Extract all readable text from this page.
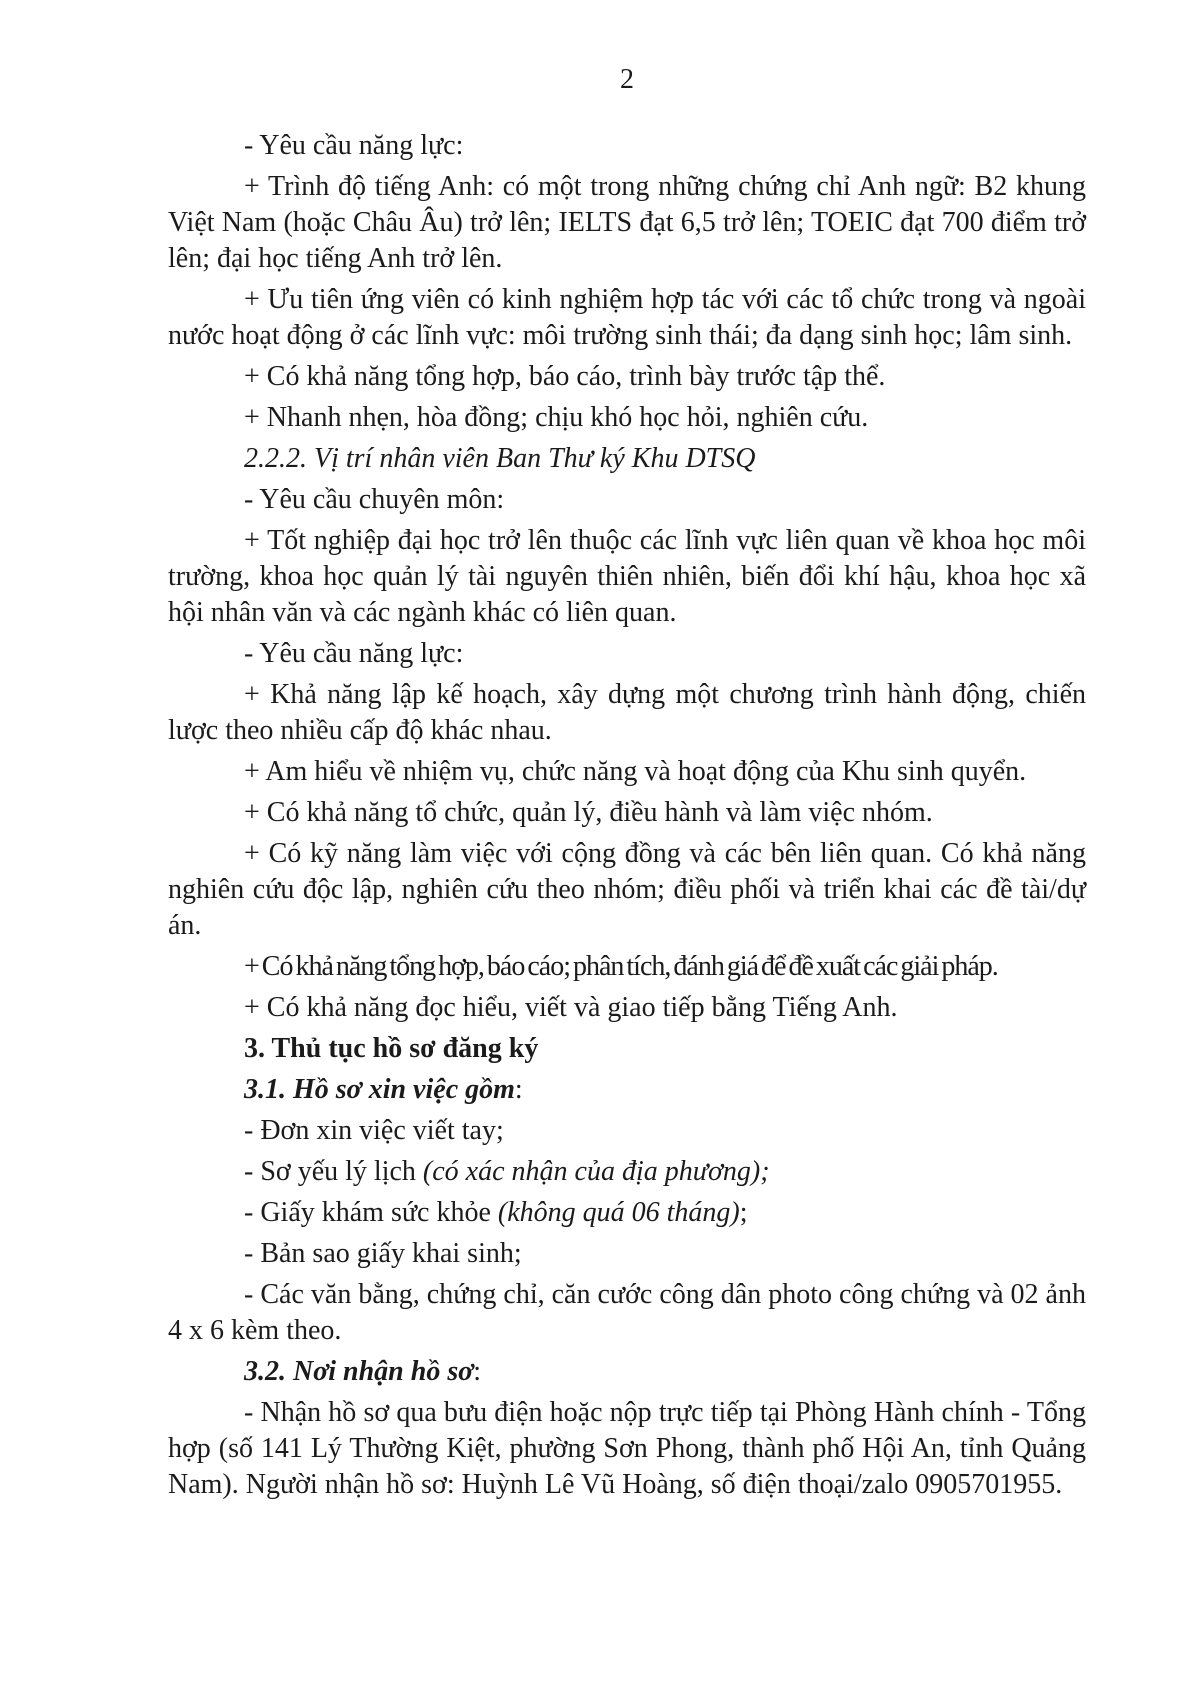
2

- Yêu cầu năng lực:

+ Trình độ tiếng Anh: có một trong những chứng chỉ Anh ngữ: B2 khung Việt Nam (hoặc Châu Âu) trở lên; IELTS đạt 6,5 trở lên; TOEIC đạt 700 điểm trở lên; đại học tiếng Anh trở lên.

+ Ưu tiên ứng viên có kinh nghiệm hợp tác với các tổ chức trong và ngoài nước hoạt động ở các lĩnh vực: môi trường sinh thái; đa dạng sinh học; lâm sinh.

+ Có khả năng tổng hợp, báo cáo, trình bày trước tập thể.

+ Nhanh nhẹn, hòa đồng; chịu khó học hỏi, nghiên cứu.

2.2.2. Vị trí nhân viên Ban Thư ký Khu DTSQ

- Yêu cầu chuyên môn:

+ Tốt nghiệp đại học trở lên thuộc các lĩnh vực liên quan về khoa học môi trường, khoa học quản lý tài nguyên thiên nhiên, biến đổi khí hậu, khoa học xã hội nhân văn và các ngành khác có liên quan.

- Yêu cầu năng lực:

+ Khả năng lập kế hoạch, xây dựng một chương trình hành động, chiến lược theo nhiều cấp độ khác nhau.

+ Am hiểu về nhiệm vụ, chức năng và hoạt động của Khu sinh quyển.

+ Có khả năng tổ chức, quản lý, điều hành và làm việc nhóm.

+ Có kỹ năng làm việc với cộng đồng và các bên liên quan. Có khả năng nghiên cứu độc lập, nghiên cứu theo nhóm; điều phối và triển khai các đề tài/dự án.

+ Có khả năng tổng hợp, báo cáo; phân tích, đánh giá để đề xuất các giải pháp.

+ Có khả năng đọc hiểu, viết và giao tiếp bằng Tiếng Anh.

3. Thủ tục hồ sơ đăng ký

3.1. Hồ sơ xin việc gồm:

- Đơn xin việc viết tay;

- Sơ yếu lý lịch (có xác nhận của địa phương);

- Giấy khám sức khỏe (không quá 06 tháng);

- Bản sao giấy khai sinh;

- Các văn bằng, chứng chỉ, căn cước công dân photo công chứng và 02 ảnh 4 x 6 kèm theo.

3.2. Nơi nhận hồ sơ:

- Nhận hồ sơ qua bưu điện hoặc nộp trực tiếp tại Phòng Hành chính - Tổng hợp (số 141 Lý Thường Kiệt, phường Sơn Phong, thành phố Hội An, tỉnh Quảng Nam). Người nhận hồ sơ: Huỳnh Lê Vũ Hoàng, số điện thoại/zalo 0905701955.
